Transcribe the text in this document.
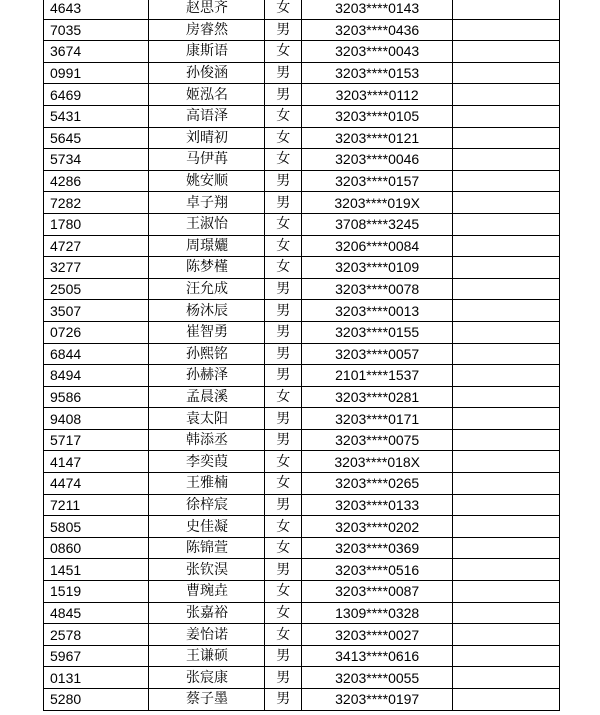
4643	赵思齐	女	3203****0143	
7035	房睿然	男	3203****0436	
3674	康斯语	女	3203****0043	
0991	孙俊涵	男	3203****0153	
6469	姬泓名	男	3203****0112	
5431	高语泽	女	3203****0105	
5645	刘晴初	女	3203****0121	
5734	马伊苒	女	3203****0046	
4286	姚安顺	男	3203****0157	
7282	卓子翔	男	3203****019X	
1780	王淑怡	女	3708****3245	
4727	周璟孋	女	3206****0084	
3277	陈梦槿	女	3203****0109	
2505	汪允成	男	3203****0078	
3507	杨沐辰	男	3203****0013	
0726	崔智勇	男	3203****0155	
6844	孙熙铭	男	3203****0057	
8494	孙赫泽	男	2101****1537	
9586	孟晨溪	女	3203****0281	
9408	袁太阳	男	3203****0171	
5717	韩添丞	男	3203****0075	
4147	李奕葭	女	3203****018X	
4474	王雅楠	女	3203****0265	
7211	徐梓宸	男	3203****0133	
5805	史佳凝	女	3203****0202	
0860	陈锦萱	女	3203****0369	
1451	张钦淏	男	3203****0516	
1519	曹琬垚	女	3203****0087	
4845	张嘉裕	女	1309****0328	
2578	姜怡诺	女	3203****0027	
5967	王谦硕	男	3413****0616	
0131	张宸康	男	3203****0055	
5280	蔡子墨	男	3203****0197	
